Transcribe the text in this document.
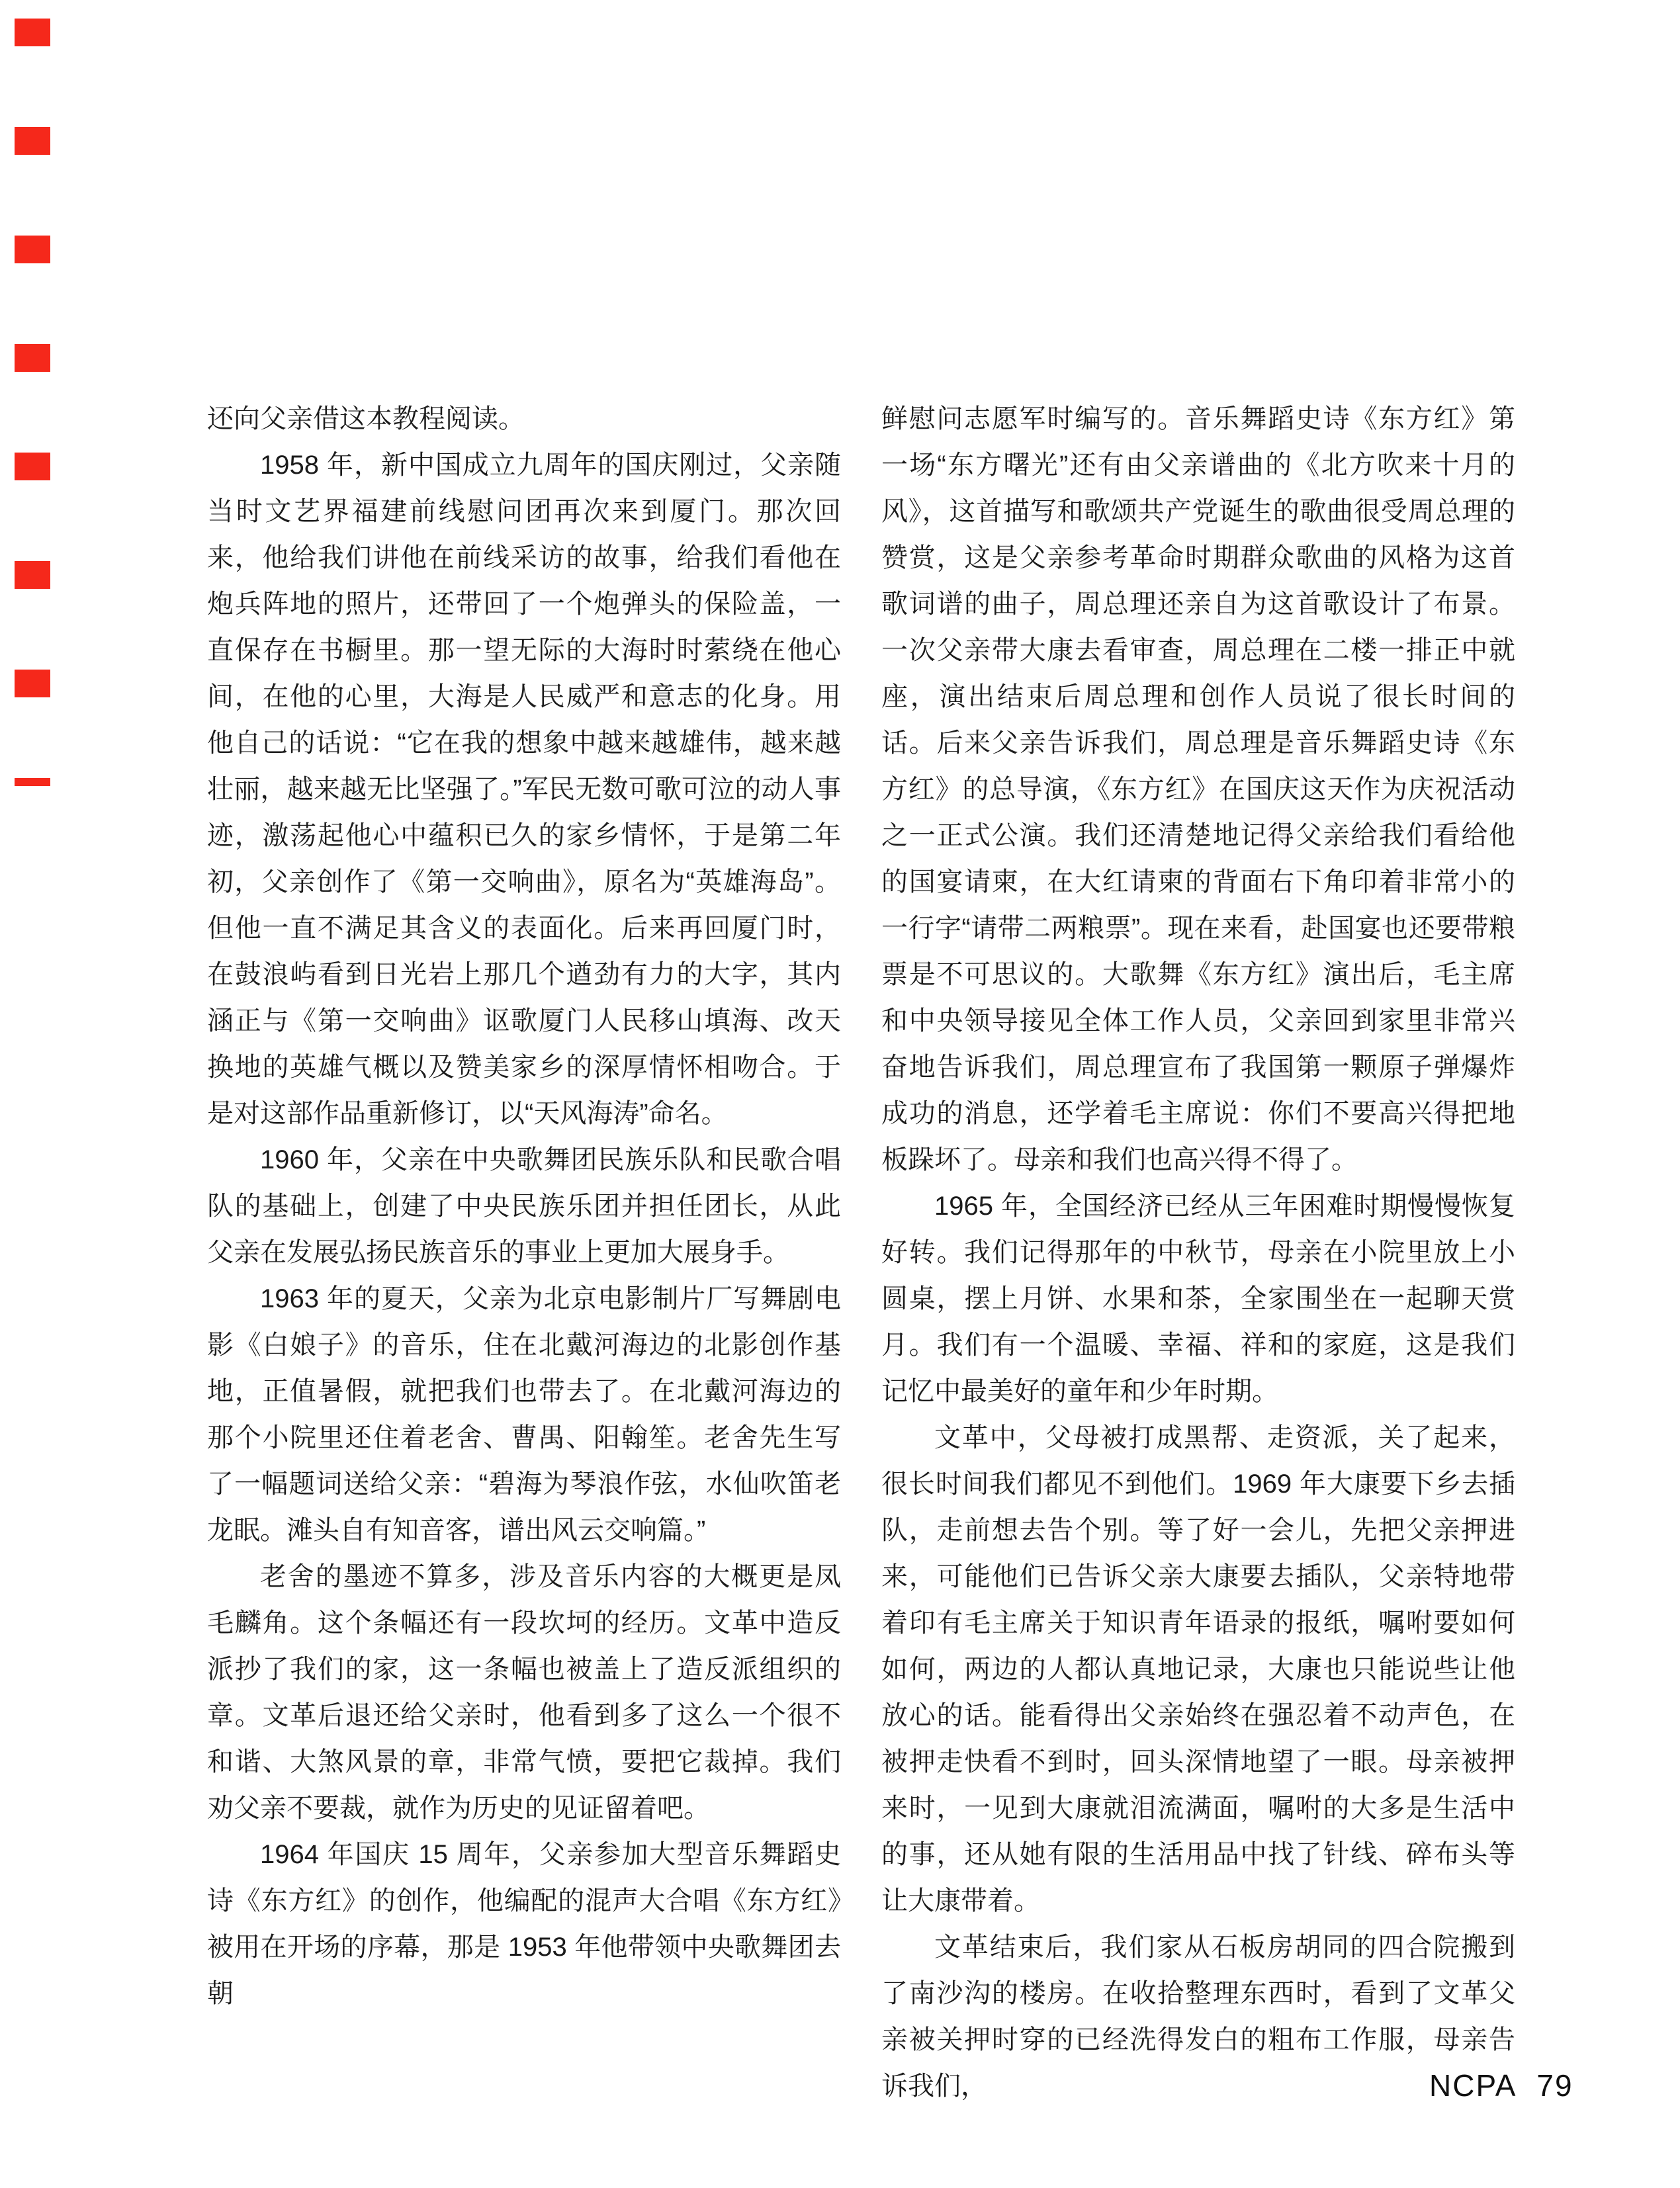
还向父亲借这本教程阅读。

1958 年，新中国成立九周年的国庆刚过，父亲随当时文艺界福建前线慰问团再次来到厦门。那次回来，他给我们讲他在前线采访的故事，给我们看他在炮兵阵地的照片，还带回了一个炮弹头的保险盖，一直保存在书橱里。那一望无际的大海时时萦绕在他心间，在他的心里，大海是人民威严和意志的化身。用他自己的话说：“它在我的想象中越来越雄伟，越来越壮丽，越来越无比坚强了。”军民无数可歌可泣的动人事迹，激荡起他心中蕴积已久的家乡情怀，于是第二年初，父亲创作了《第一交响曲》，原名为“英雄海岛”。但他一直不满足其含义的表面化。后来再回厦门时，在鼓浪屿看到日光岩上那几个遒劲有力的大字，其内涵正与《第一交响曲》讴歌厦门人民移山填海、改天换地的英雄气概以及赞美家乡的深厚情怀相吻合。于是对这部作品重新修订，以“天风海涛”命名。

1960 年，父亲在中央歌舞团民族乐队和民歌合唱队的基础上，创建了中央民族乐团并担任团长，从此父亲在发展弘扬民族音乐的事业上更加大展身手。

1963 年的夏天，父亲为北京电影制片厂写舞剧电影《白娘子》的音乐，住在北戴河海边的北影创作基地，正值暑假，就把我们也带去了。在北戴河海边的那个小院里还住着老舍、曹禺、阳翰笙。老舍先生写了一幅题词送给父亲：“碧海为琴浪作弦，水仙吹笛老龙眠。滩头自有知音客，谱出风云交响篇。”

老舍的墨迹不算多，涉及音乐内容的大概更是凤毛麟角。这个条幅还有一段坎坷的经历。文革中造反派抄了我们的家，这一条幅也被盖上了造反派组织的章。文革后退还给父亲时，他看到多了这么一个很不和谐、大煞风景的章，非常气愤，要把它裁掉。我们劝父亲不要裁，就作为历史的见证留着吧。

1964 年国庆 15 周年，父亲参加大型音乐舞蹈史诗《东方红》的创作，他编配的混声大合唱《东方红》被用在开场的序幕，那是 1953 年他带领中央歌舞团去朝

鲜慰问志愿军时编写的。音乐舞蹈史诗《东方红》第一场“东方曙光”还有由父亲谱曲的《北方吹来十月的风》，这首描写和歌颂共产党诞生的歌曲很受周总理的赞赏，这是父亲参考革命时期群众歌曲的风格为这首歌词谱的曲子，周总理还亲自为这首歌设计了布景。一次父亲带大康去看审查，周总理在二楼一排正中就座，演出结束后周总理和创作人员说了很长时间的话。后来父亲告诉我们，周总理是音乐舞蹈史诗《东方红》的总导演，《东方红》在国庆这天作为庆祝活动之一正式公演。我们还清楚地记得父亲给我们看给他的国宴请柬，在大红请柬的背面右下角印着非常小的一行字“请带二两粮票”。现在来看，赴国宴也还要带粮票是不可思议的。大歌舞《东方红》演出后，毛主席和中央领导接见全体工作人员，父亲回到家里非常兴奋地告诉我们，周总理宣布了我国第一颗原子弹爆炸成功的消息，还学着毛主席说：你们不要高兴得把地板跺坏了。母亲和我们也高兴得不得了。

1965 年，全国经济已经从三年困难时期慢慢恢复好转。我们记得那年的中秋节，母亲在小院里放上小圆桌，摆上月饼、水果和茶，全家围坐在一起聊天赏月。我们有一个温暖、幸福、祥和的家庭，这是我们记忆中最美好的童年和少年时期。

文革中，父母被打成黑帮、走资派，关了起来，很长时间我们都见不到他们。1969 年大康要下乡去插队，走前想去告个别。等了好一会儿，先把父亲押进来，可能他们已告诉父亲大康要去插队，父亲特地带着印有毛主席关于知识青年语录的报纸，嘱咐要如何如何，两边的人都认真地记录，大康也只能说些让他放心的话。能看得出父亲始终在强忍着不动声色，在被押走快看不到时，回头深情地望了一眼。母亲被押来时，一见到大康就泪流满面，嘱咐的大多是生活中的事，还从她有限的生活用品中找了针线、碎布头等让大康带着。

文革结束后，我们家从石板房胡同的四合院搬到了南沙沟的楼房。在收拾整理东西时，看到了文革父亲被关押时穿的已经洗得发白的粗布工作服，母亲告诉我们，	NCPA 79
